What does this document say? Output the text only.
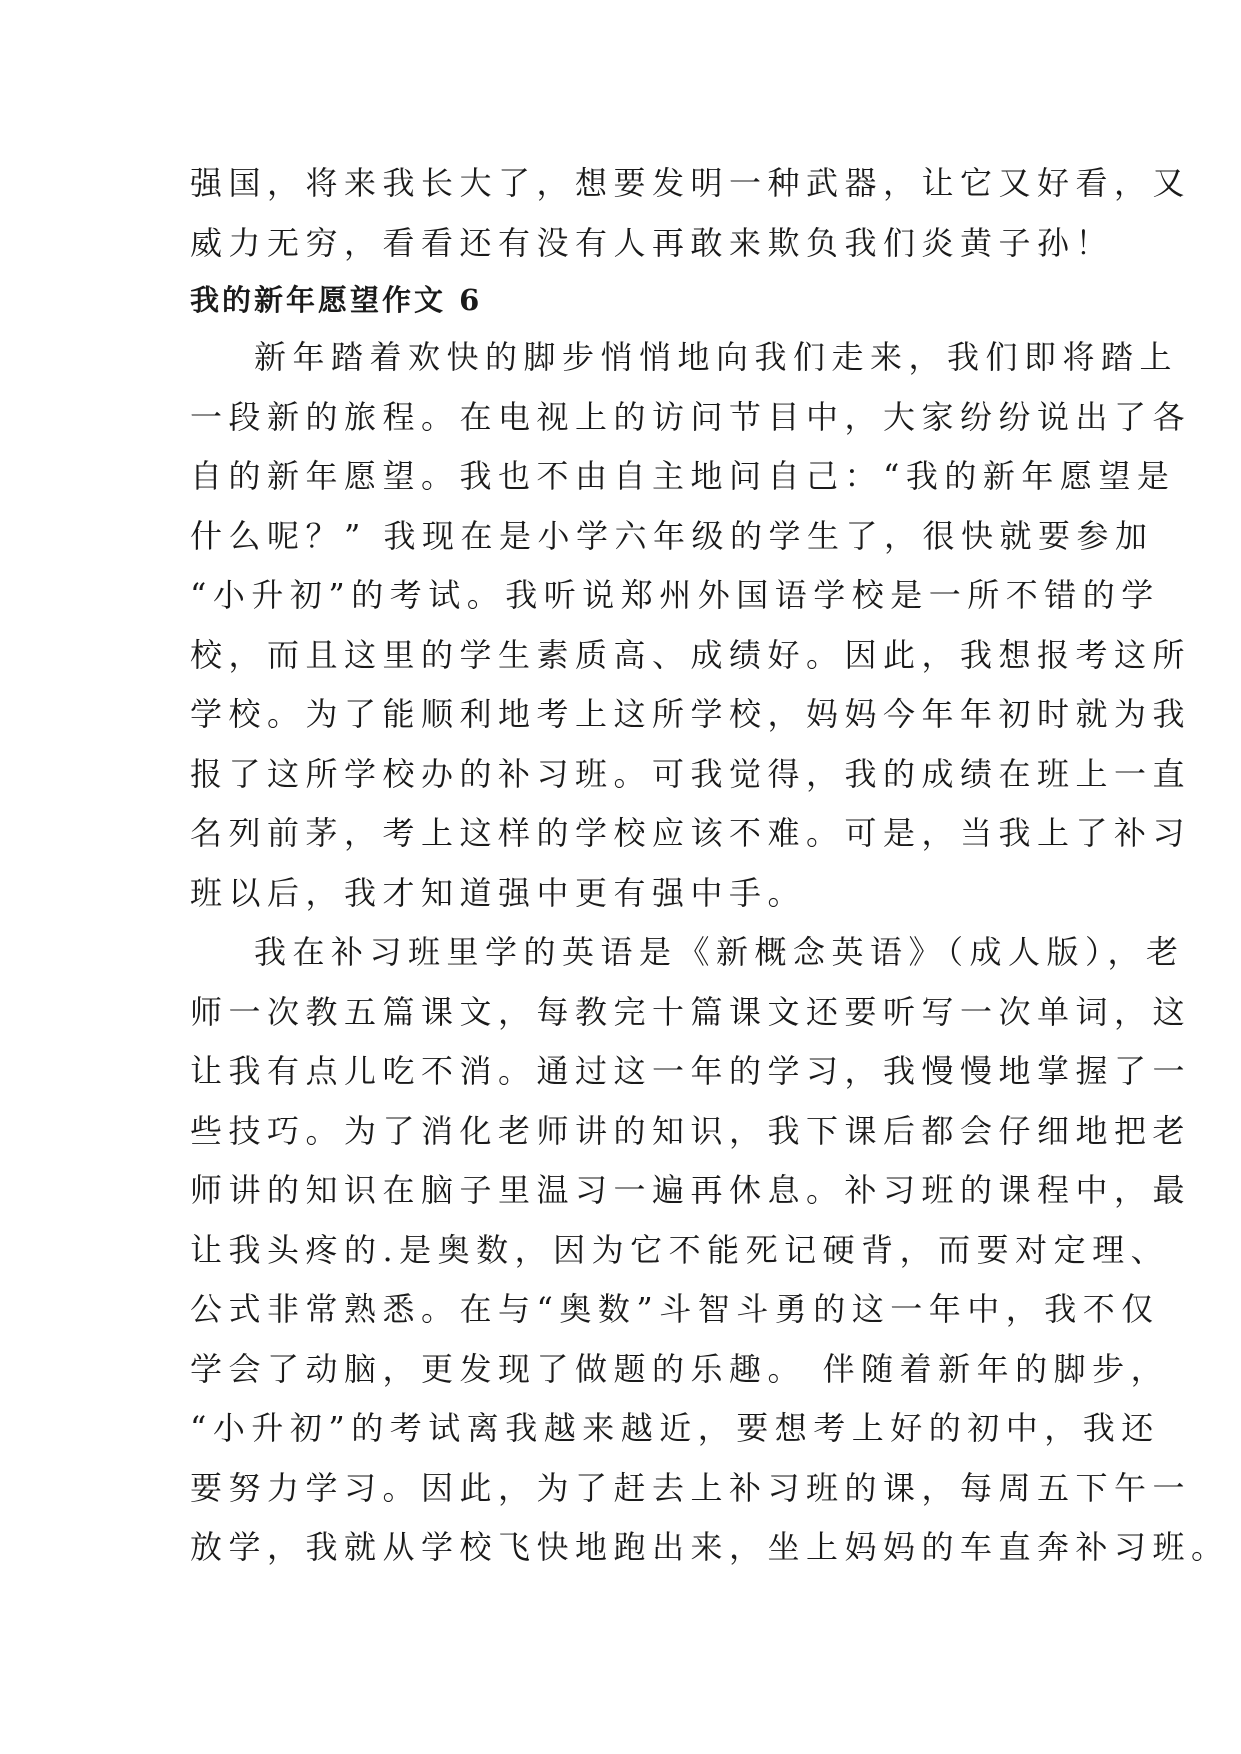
强国，将来我长大了，想要发明一种武器，让它又好看，又

威力无穷，看看还有没有人再敢来欺负我们炎黄子孙！

我的新年愿望作文 6

新年踏着欢快的脚步悄悄地向我们走来，我们即将踏上

一段新的旅程。在电视上的访问节目中，大家纷纷说出了各

自的新年愿望。我也不由自主地问自己：“我的新年愿望是

什么呢？” 我现在是小学六年级的学生了，很快就要参加

“小升初”的考试。我听说郑州外国语学校是一所不错的学

校，而且这里的学生素质高、成绩好。因此，我想报考这所

学校。为了能顺利地考上这所学校，妈妈今年年初时就为我

报了这所学校办的补习班。可我觉得，我的成绩在班上一直

名列前茅，考上这样的学校应该不难。可是，当我上了补习

班以后，我才知道强中更有强中手。

我在补习班里学的英语是《新概念英语》（成人版），老

师一次教五篇课文，每教完十篇课文还要听写一次单词，这

让我有点儿吃不消。通过这一年的学习，我慢慢地掌握了一

些技巧。为了消化老师讲的知识，我下课后都会仔细地把老

师讲的知识在脑子里温习一遍再休息。补习班的课程中，最

让我头疼的.是奥数，因为它不能死记硬背，而要对定理、

公式非常熟悉。在与“奥数”斗智斗勇的这一年中，我不仅

学会了动脑，更发现了做题的乐趣。 伴随着新年的脚步，

“小升初”的考试离我越来越近，要想考上好的初中，我还

要努力学习。因此，为了赶去上补习班的课，每周五下午一

放学，我就从学校飞快地跑出来，坐上妈妈的车直奔补习班。
